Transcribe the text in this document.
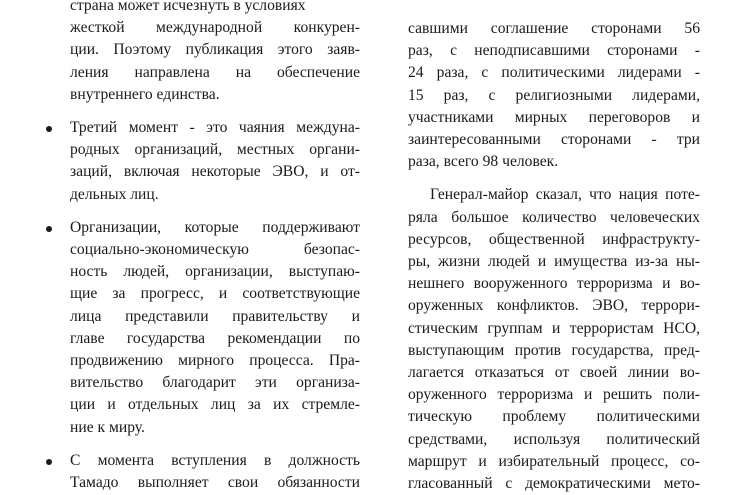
страна может исчезнуть в условиях
жесткой международной конкурен-
ции. Поэтому публикация этого заяв-
ления направлена на обеспечение
внутреннего единства.
Третий момент - это чаяния междуна-
родных организаций, местных органи-
заций, включая некоторые ЭВО, и от-
дельных лиц.
Организации, которые поддерживают
социально-экономическую безопас-
ность людей, организации, выступаю-
щие за прогресс, и соответствующие
лица представили правительству и
главе государства рекомендации по
продвижению мирного процесса. Пра-
вительство благодарит эти организа-
ции и отдельных лиц за их стремле-
ние к миру.
С момента вступления в должность
Тамадо выполняет свои обязанности
савшими соглашение сторонами 56
раз, с неподписавшими сторонами -
24 раза, с политическими лидерами -
15 раз, с религиозными лидерами,
участниками мирных переговоров и
заинтересованными сторонами - три
раза, всего 98 человек.
Генерал-майор сказал, что нация поте-
ряла большое количество человеческих
ресурсов, общественной инфраструкту-
ры, жизни людей и имущества из-за ны-
нешнего вооруженного терроризма и во-
оруженных конфликтов. ЭВО, террори-
стическим группам и террористам НСО,
выступающим против государства, пред-
лагается отказаться от своей линии во-
оруженного терроризма и решить поли-
тическую проблему политическими
средствами, используя политический
маршрут и избирательный процесс, со-
гласованный с демократическими мето-
